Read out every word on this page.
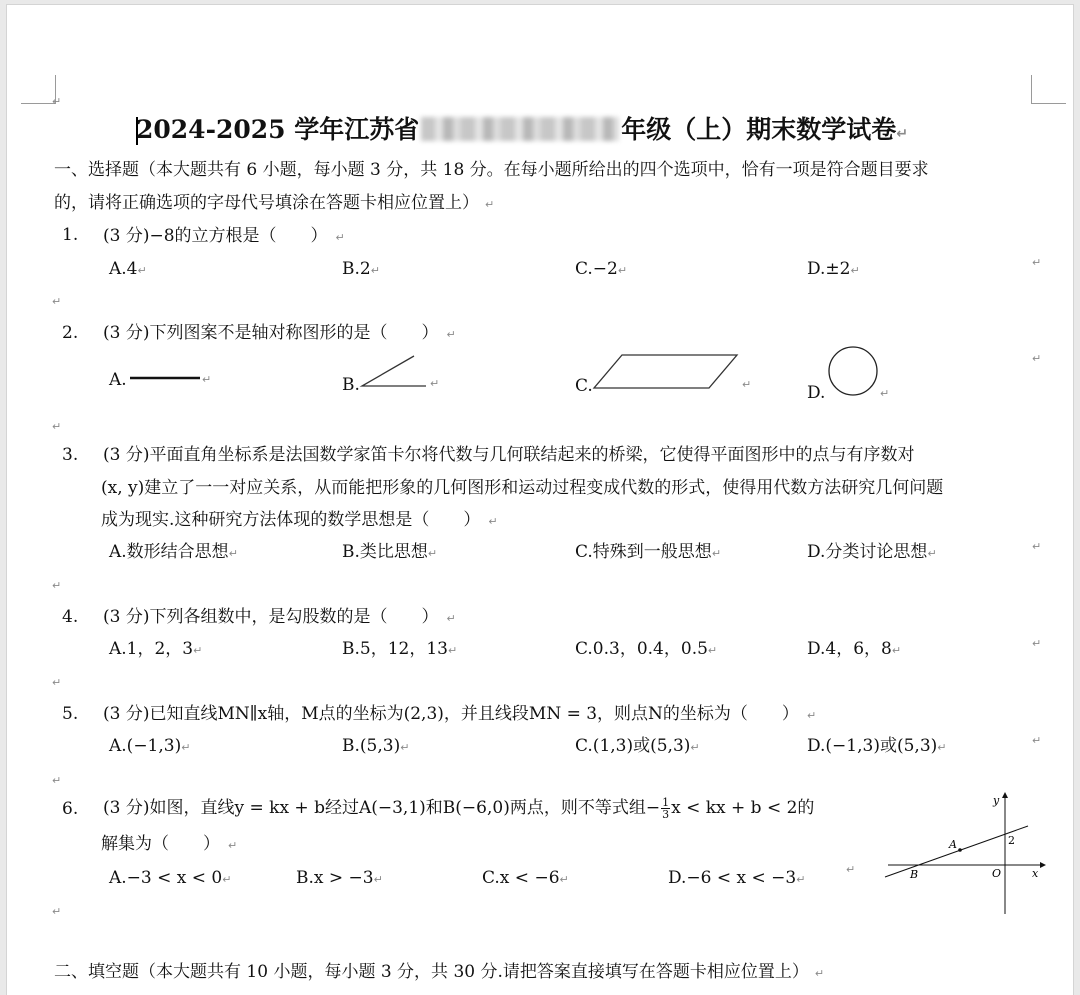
2024-2025 学年江苏省	年级（上）期末数学试卷↵
↵
一、选择题（本大题共有 6 小题，每小题 3 分，共 18 分。在每小题所给出的四个选项中，恰有一项是符合题目要求
的，请将正确选项的字母代号填涂在答题卡相应位置上） ↵
1. (3 分)−8的立方根是（　　） ↵
A.4↵	B.2↵	C.−2↵	D.±2↵
↵
↵
2. (3 分)下列图案不是轴对称图形的是（　　） ↵
A.	B.	C.	D.
↵	↵	↵
↵
↵
↵
3. (3 分)平面直角坐标系是法国数学家笛卡尔将代数与几何联结起来的桥梁，它使得平面图形中的点与有序数对
(x, y)建立了一一对应关系，从而能把形象的几何图形和运动过程变成代数的形式，使得用代数方法研究几何问题
成为现实.这种研究方法体现的数学思想是（　　） ↵
A.数形结合思想↵	B.类比思想↵	C.特殊到一般思想↵	D.分类讨论思想↵
↵
↵
4. (3 分)下列各组数中，是勾股数的是（　　） ↵
A.1，2，3↵	B.5，12，13↵	C.0.3，0.4，0.5↵	D.4，6，8↵
↵
↵
5. (3 分)已知直线MN∥x轴，M点的坐标为(2,3)，并且线段MN = 3，则点N的坐标为（　　） ↵
A.(−1,3)↵	B.(5,3)↵	C.(1,3)或(5,3)↵	D.(−1,3)或(5,3)↵
↵
↵
6. (3 分)如图，直线y = kx + b经过A(−3,1)和B(−6,0)两点，则不等式组− $\frac{1}{3}$ x < kx + b < 2的
解集为（　　） ↵
A.−3 < x < 0↵	B.x > −3↵	C.x < −6↵	D.−6 < x < −3↵
↵
↵
y
x
O
A
B
2
二、填空题（本大题共有 10 小题，每小题 3 分，共 30 分.请把答案直接填写在答题卡相应位置上） ↵
